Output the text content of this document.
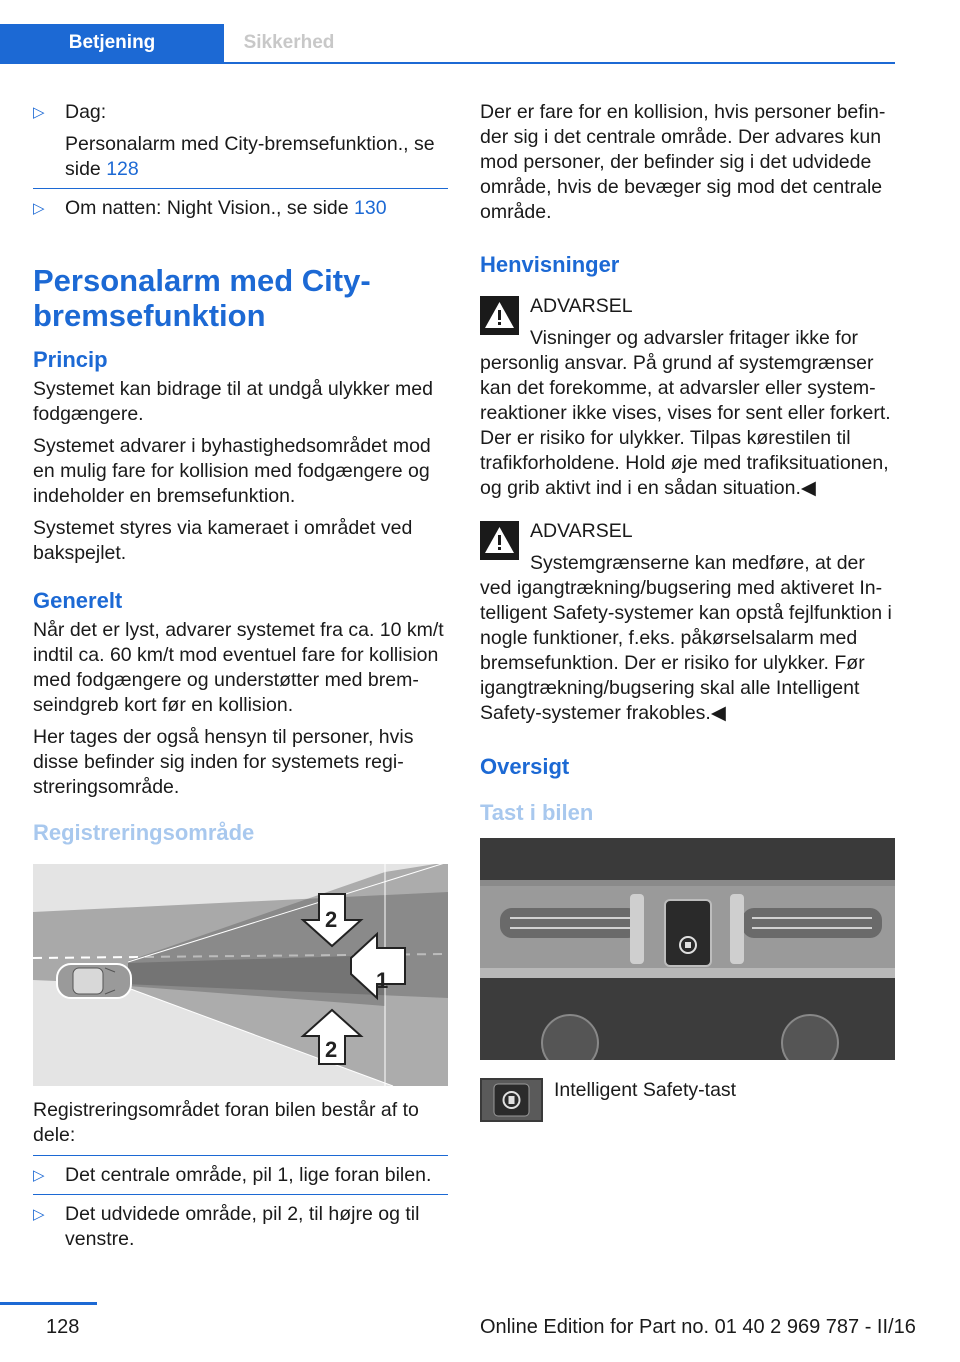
Betjening	Sikkerhed
▷ Dag:

Personalarm med City-bremsefunktion., se side 128

▷ Om natten: Night Vision., se side 130

Personalarm med City-bremsefunktion
Princip

Systemet kan bidrage til at undgå ulykker med fodgængere.

Systemet advarer i byhastighedsområdet mod en mulig fare for kollision med fodgængere og indeholder en bremsefunktion.

Systemet styres via kameraet i området ved bakspejlet.

Generelt

Når det er lyst, advarer systemet fra ca. 10 km/t indtil ca. 60 km/t mod eventuel fare for kollision med fodgængere og understøtter med bremseindgreb kort før en kollision.

Her tages der også hensyn til personer, hvis disse befinder sig inden for systemets registreringsområde.

Registreringsområde
1
2
2

Registreringsområdet foran bilen består af to dele:

▷ Det centrale område, pil 1, lige foran bilen.

▷ Det udvidede område, pil 2, til højre og til venstre.

Der er fare for en kollision, hvis personer befinder sig i det centrale område. Der advares kun mod personer, der befinder sig i det udvidede område, hvis de bevæger sig mod det centrale område.

Henvisninger
ADVARSEL

Visninger og advarsler fritager ikke for personlig ansvar. På grund af systemgrænser kan det forekomme, at advarsler eller systemreaktioner ikke vises, vises for sent eller forkert. Der er risiko for ulykker. Tilpas kørestilen til trafikforholdene. Hold øje med trafiksituationen, og grib aktivt ind i en sådan situation.◀

ADVARSEL

Systemgrænserne kan medføre, at der ved igangtrækning/bugsering med aktiveret Intelligent Safety-systemer kan opstå fejlfunktion i nogle funktioner, f.eks. påkørselsalarm med bremsefunktion. Der er risiko for ulykker. Før igangtrækning/bugsering skal alle Intelligent Safety-systemer frakobles.◀

Oversigt
Tast i bilen
Intelligent Safety-tast
128	Online Edition for Part no. 01 40 2 969 787 - II/16
